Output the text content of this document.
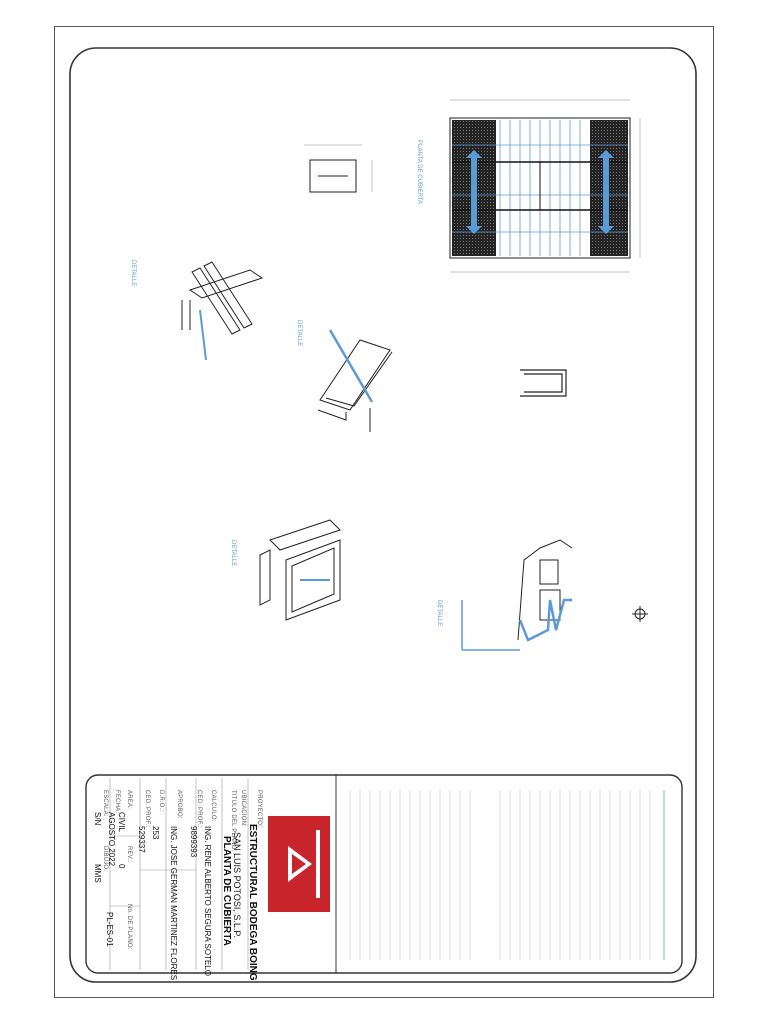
PLANTA DE CUBIERTA
DETALLE
DETALLE
DETALLE
DETALLE
PROYECTO:
ESTRUCTURAL BODEGA BOING
UBICACION:
SAN LUIS POTOSI, S.L.P.
TITULO DEL PLANO:
PLANTA DE CUBIERTA
CALCULO:
ING. RENE ALBERTO SEGURA SOTELO
CED. PROF.:
9899393
APROBO:
ING. JOSE GERMAN MARTINEZ FLORES
D.R.O.:
253
CED. PROF.:
529337
AREA:
CIVIL
REV.:
0
FECHA:
AGOSTO 2022
ESCALA:
S/N
DIBUJO:
MMS
No. DE PLANO:
PL-ES-01
